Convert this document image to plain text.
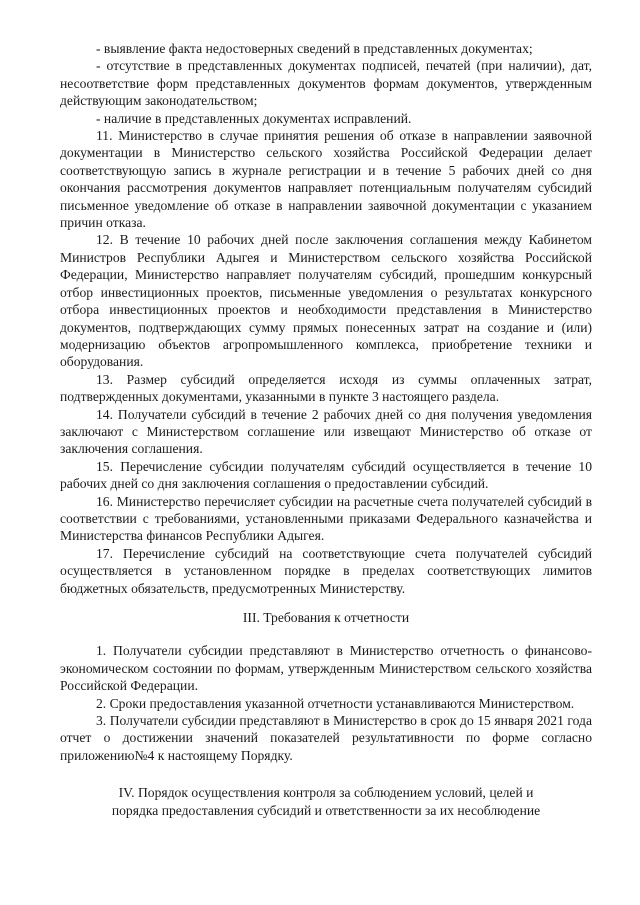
- выявление факта недостоверных сведений в представленных документах;

- отсутствие в представленных документах подписей, печатей (при наличии), дат, несоответствие форм представленных документов формам документов, утвержденным действующим законодательством;

- наличие в представленных документах исправлений.

11. Министерство в случае принятия решения об отказе в направлении заявочной документации в Министерство сельского хозяйства Российской Федерации делает соответствующую запись в журнале регистрации и в течение 5 рабочих дней со дня окончания рассмотрения документов направляет потенциальным получателям субсидий письменное уведомление об отказе в направлении заявочной документации с указанием причин отказа.

12. В течение 10 рабочих дней после заключения соглашения между Кабинетом Министров Республики Адыгея и Министерством сельского хозяйства Российской Федерации, Министерство направляет получателям субсидий, прошедшим конкурсный отбор инвестиционных проектов, письменные уведомления о результатах конкурсного отбора инвестиционных проектов и необходимости представления в Министерство документов, подтверждающих сумму прямых понесенных затрат на создание и (или) модернизацию объектов агропромышленного комплекса, приобретение техники и оборудования.

13. Размер субсидий определяется исходя из суммы оплаченных затрат, подтвержденных документами, указанными в пункте 3 настоящего раздела.

14. Получатели субсидий в течение 2 рабочих дней со дня получения уведомления заключают с Министерством соглашение или извещают Министерство об отказе от заключения соглашения.

15. Перечисление субсидии получателям субсидий осуществляется в течение 10 рабочих дней со дня заключения соглашения о предоставлении субсидий.

16. Министерство перечисляет субсидии на расчетные счета получателей субсидий в соответствии с требованиями, установленными приказами Федерального казначейства и Министерства финансов Республики Адыгея.

17. Перечисление субсидий на соответствующие счета получателей субсидий осуществляется в установленном порядке в пределах соответствующих лимитов бюджетных обязательств, предусмотренных Министерству.

III. Требования к отчетности

1. Получатели субсидии представляют в Министерство отчетность о финансово-экономическом состоянии по формам, утвержденным Министерством сельского хозяйства Российской Федерации.

2. Сроки предоставления указанной отчетности устанавливаются Министерством.

3. Получатели субсидии представляют в Министерство в срок до 15 января 2021 года отчет о достижении значений показателей результативности по форме согласно приложению№4 к настоящему Порядку.

IV. Порядок осуществления контроля за соблюдением условий, целей и

порядка предоставления субсидий и ответственности за их несоблюдение
